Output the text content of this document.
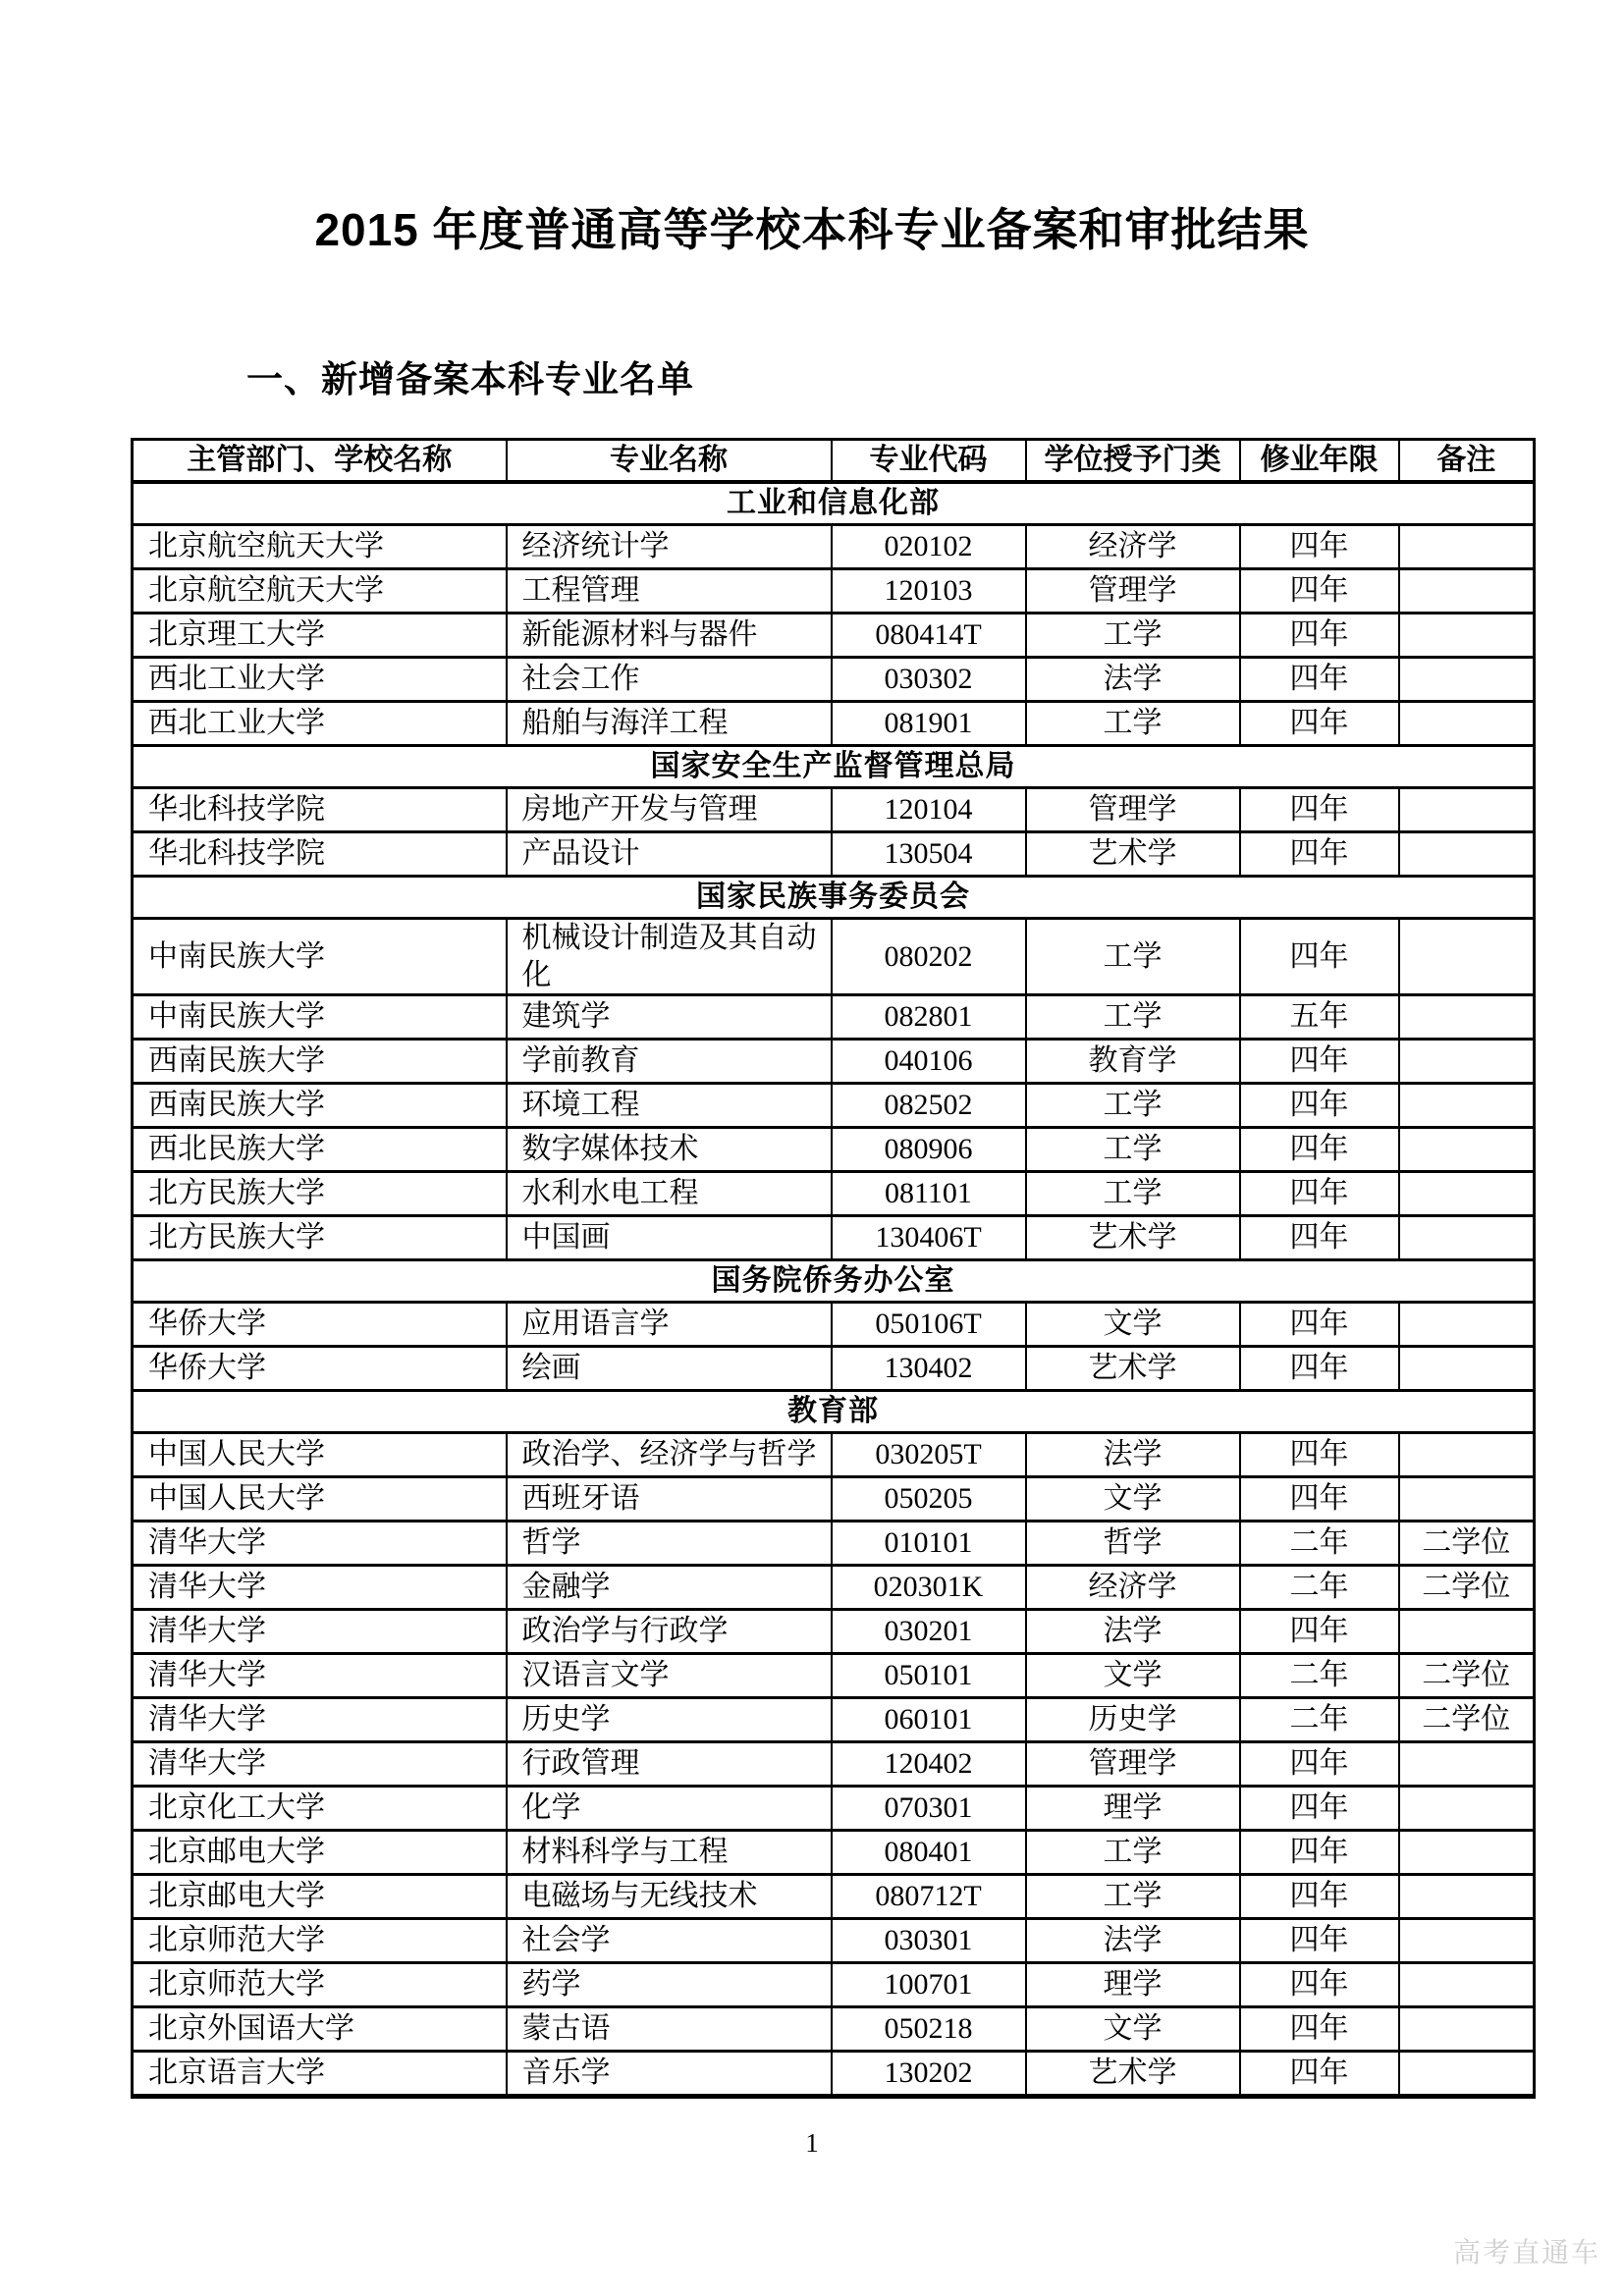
2015 年度普通高等学校本科专业备案和审批结果
一、新增备案本科专业名单
主管部门、学校名称	专业名称	专业代码	学位授予门类	修业年限	备注
工业和信息化部					
北京航空航天大学	经济统计学	020102	经济学	四年	
北京航空航天大学	工程管理	120103	管理学	四年	
北京理工大学	新能源材料与器件	080414T	工学	四年	
西北工业大学	社会工作	030302	法学	四年	
西北工业大学	船舶与海洋工程	081901	工学	四年	
国家安全生产监督管理总局					
华北科技学院	房地产开发与管理	120104	管理学	四年	
华北科技学院	产品设计	130504	艺术学	四年	
国家民族事务委员会					
中南民族大学	机械设计制造及其自动化	080202	工学	四年	
中南民族大学	建筑学	082801	工学	五年	
西南民族大学	学前教育	040106	教育学	四年	
西南民族大学	环境工程	082502	工学	四年	
西北民族大学	数字媒体技术	080906	工学	四年	
北方民族大学	水利水电工程	081101	工学	四年	
北方民族大学	中国画	130406T	艺术学	四年	
国务院侨务办公室					
华侨大学	应用语言学	050106T	文学	四年	
华侨大学	绘画	130402	艺术学	四年	
教育部					
中国人民大学	政治学、经济学与哲学	030205T	法学	四年	
中国人民大学	西班牙语	050205	文学	四年	
清华大学	哲学	010101	哲学	二年	二学位
清华大学	金融学	020301K	经济学	二年	二学位
清华大学	政治学与行政学	030201	法学	四年	
清华大学	汉语言文学	050101	文学	二年	二学位
清华大学	历史学	060101	历史学	二年	二学位
清华大学	行政管理	120402	管理学	四年	
北京化工大学	化学	070301	理学	四年	
北京邮电大学	材料科学与工程	080401	工学	四年	
北京邮电大学	电磁场与无线技术	080712T	工学	四年	
北京师范大学	社会学	030301	法学	四年	
北京师范大学	药学	100701	理学	四年	
北京外国语大学	蒙古语	050218	文学	四年	
北京语言大学	音乐学	130202	艺术学	四年	
1
高考直通车
